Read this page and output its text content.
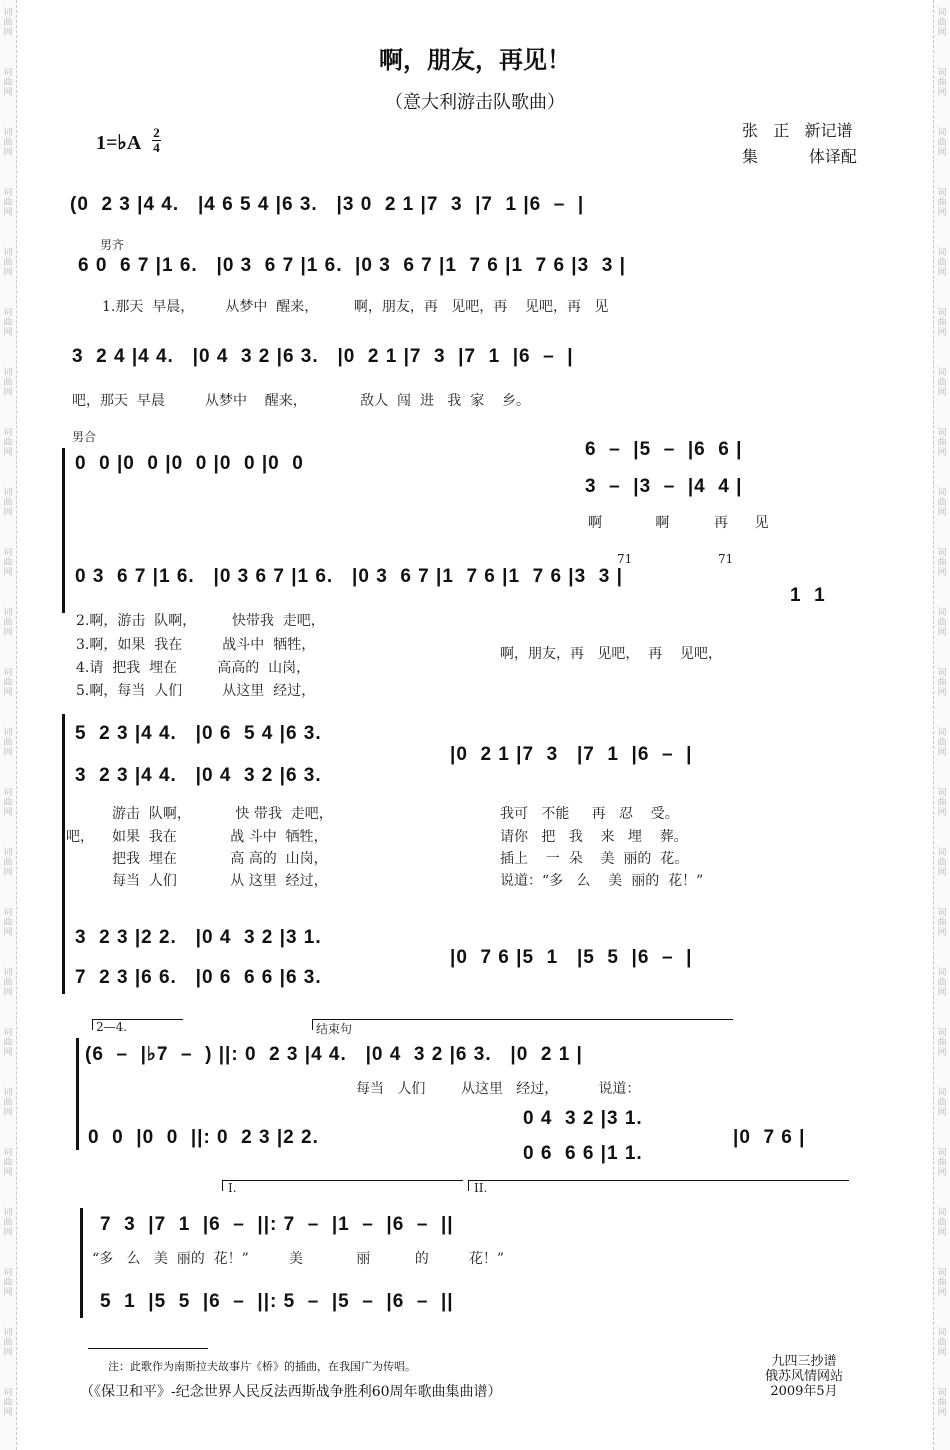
词
曲
网
词
曲
网
词
曲
网
词
曲
网
词
曲
网
词
曲
网
词
曲
网
词
曲
网
词
曲
网
词
曲
网
词
曲
网
词
曲
网
词
曲
网
词
曲
网
词
曲
网
词
曲
网
词
曲
网
词
曲
网
词
曲
网
词
曲
网
词
曲
网
词
曲
网
词
曲
网
词
曲
网
词
曲
网
词
曲
网
词
曲
网
词
曲
网
词
曲
网
词
曲
网
词
曲
网
词
曲
网
词
曲
网
词
曲
网
词
曲
网
词
曲
网
词
曲
网
词
曲
网
词
曲
网
词
曲
网
词
曲
网
词
曲
网
词
曲
网
词
曲
网
词
曲
网
词
曲
网
词
曲
网
词
曲
网
啊，朋友，再见！
（意大利游击队歌曲）
1=♭A 2
4
张   正   新记谱
集          体译配
(0  2 3 |4 4.   |4 6 5 4 |6 3.   |3 0  2 1 |7  3  |7  1 |6  –  |
男齐
6 0  6 7 |1 6.   |0 3  6 7 |1 6.  |0 3  6 7 |1  7 6 |1  7 6 |3  3 |
1.那天  早晨，       从梦中  醒来，        啊，朋友，再   见吧，再    见吧，再   见
3  2 4 |4 4.   |0 4  3 2 |6 3.   |0  2 1 |7  3  |7  1  |6  –  |
吧，那天  早晨         从梦中    醒来，            敌人  闯  进   我  家    乡。
男合
0  0 |0  0 |0  0 |0  0 |0  0
6  –  |5  –  |6  6 |
3  –  |3  –  |4  4 |
啊            啊          再      见
0 3  6 7 |1 6.   |0 3 6 7 |1 6.   |0 3  6 7 |1  7 6 |1  7 6 |3  3 |
71	71
1  1
2.啊，游击  队啊，        快带我  走吧，
3.啊，如果  我在         战斗中  牺牲，
4.请  把我  埋在         高高的  山岗，
5.啊，每当  人们         从这里  经过，
啊，朋友，再   见吧，  再    见吧，
5  2 3 |4 4.   |0 6  5 4 |6 3.
3  2 3 |4 4.   |0 4  3 2 |6 3.
|0  2 1 |7  3   |7  1  |6  –  |
吧，
游击  队啊，          快 带我  走吧，
如果  我在            战 斗中  牺牲，
把我  埋在            高 高的  山岗，
每当  人们            从 这里  经过，
我可   不能     再   忍    受。
请你   把   我    来   埋    葬。
插上    一  朵    美  丽的  花。
说道：“多   么    美  丽的  花！”
3  2 3 |2 2.   |0 4  3 2 |3 1.
7  2 3 |6 6.   |0 6  6 6 |6 3.
|0  7 6 |5  1   |5  5  |6  –  |
2—4.	结束句
(6  –  |♭7  –  ) ||: 0  2 3 |4 4.   |0 4  3 2 |6 3.   |0  2 1 |
每当   人们        从这里   经过，         说道：
0  0  |0  0  ||: 0  2 3 |2 2.
0 4  3 2 |3 1.
0 6  6 6 |1 1.
|0  7 6 |
I.	II.
7  3  |7  1  |6  –  ||: 7  –  |1  –  |6  –  ||
“多   么   美  丽的  花！”         美            丽          的         花！”
5  1  |5  5  |6  –  ||: 5  –  |5  –  |6  –  ||
注：此歌作为南斯拉夫故事片《桥》的插曲，在我国广为传唱。
（《保卫和平》-纪念世界人民反法西斯战争胜利60周年歌曲集曲谱）
九四三抄谱
俄苏风情网站
2009年5月
